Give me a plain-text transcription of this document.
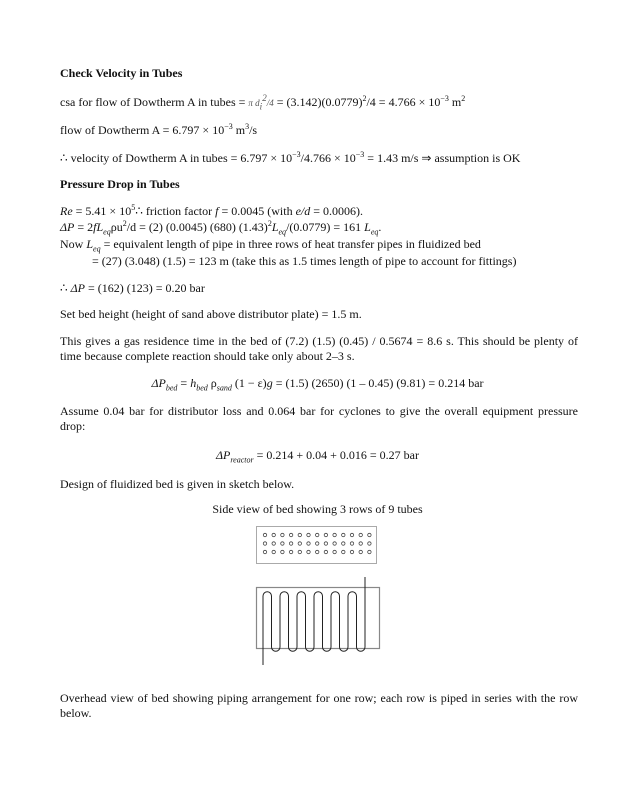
Check Velocity in Tubes
csa for flow of Dowtherm A in tubes = π $d_i^2/4 = (3.142)(0.0779)^2/4 = 4.766 \times 10^{-3}$ $m^2$
flow of Dowtherm $A = 6.797 \times 10^{-3}$ $m^3/s$
∴ velocity of Dowtherm A in tubes = $6.797 \times 10^{-3}/4.766 \times 10^{-3} = 1.43$ m/s ⇒ assumption is OK
Pressure Drop in Tubes
$Re = 5.41 \times 10^5\therefore$ friction factor f = 0.0045 (with e/d = 0.0006).
$\Delta P = 2fL_{eq}\rho u^2/d = (2)$ (0.0045) (680) $(1.43)^2L_{eq}/(0.0779) = 161$ $L_{eq}$.
Now $L_{eq}$ = equivalent length of pipe in three rows of heat transfer pipes in fluidized bed
= (27) (3.048) (1.5) = 123 m (take this as 1.5 times length of pipe to account for fittings)
∴ ΔP = (162) (123) = 0.20 bar
Set bed height (height of sand above distributor plate) = 1.5 m.
This gives a gas residence time in the bed of (7.2) (1.5) (0.45) / 0.5674 = 8.6 s. This should be plenty of time because complete reaction should take only about 2–3 s.
$\Delta P_{bed} = h_{bed}$ $\rho_{sand}$ (1 − ε)g = (1.5) (2650) (1 – 0.45) (9.81) = 0.214 bar
Assume 0.04 bar for distributor loss and 0.064 bar for cyclones to give the overall equipment pressure drop:
$\Delta P_{reactor} = 0.214 + 0.04 + 0.016 = 0.27$ bar
Design of fluidized bed is given in sketch below.
Side view of bed showing 3 rows of 9 tubes
Overhead view of bed showing piping arrangement for one row; each row is piped in series with the row below.
